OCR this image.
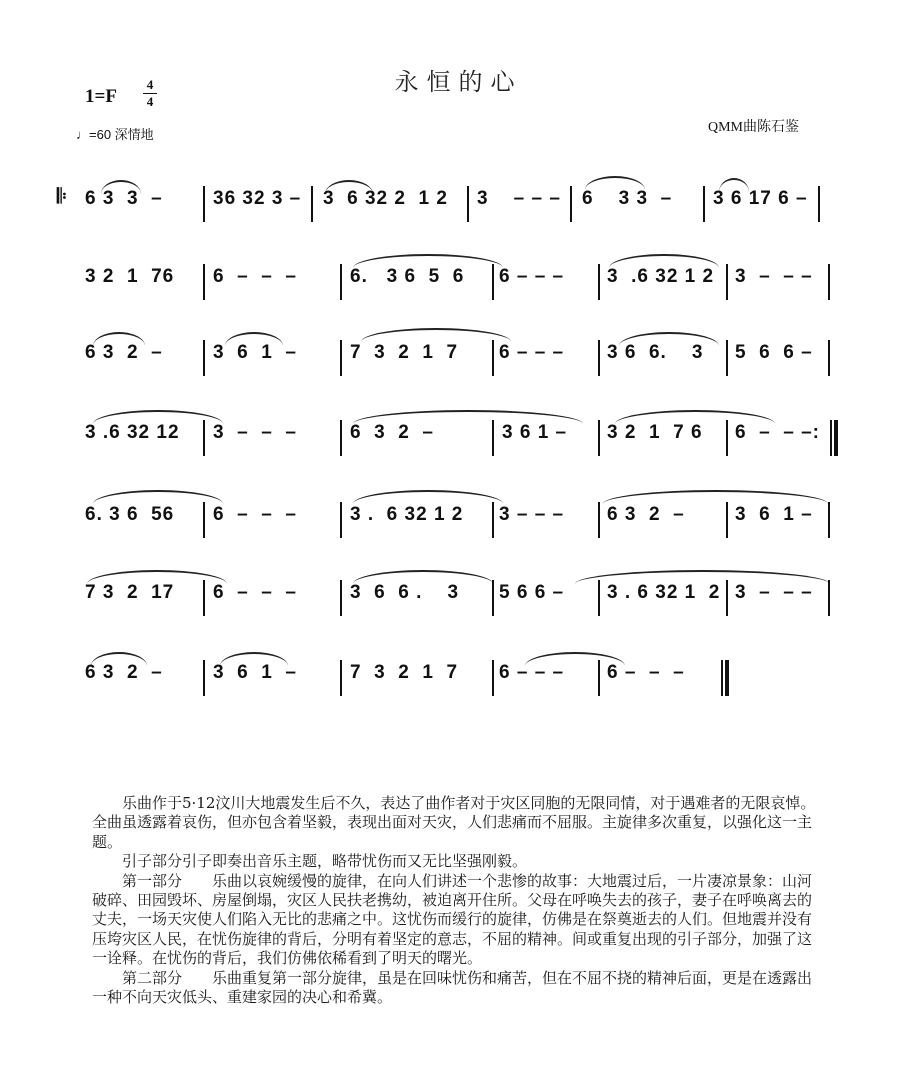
永恒的心
1=F
4
4
♩=60 深情地	QMM曲陈石鉴
𝄆 6 3  3  –	36 32 3 – 3  6 32 2  1 2 3    – – – 6    3 3  – 3 6 17 6 –
3 2  1  76 6  –  –  –	6.   3 6  5  6 6 – – – 3  .6 32 1 2 3  –  – –
6 3  2  –	3  6  1  –	7  3  2  1  7 6 – – – 3 6  6.    3 5  6  6 –
3 .6 32 12 3  –  –  –	6  3  2  –	3 6 1 – 3 2  1  7 6 6  –  – –:
6. 3 6  56 6  –  –  –	3 .  6 32 1 2 3 – – – 6 3  2  –	3  6  1 –
7 3  2  17 6  –  –  –	3  6  6 .    3 5 6 6 – 3 . 6 32 1  2 3  –  – –
6 3  2  –	3  6  1  –	7  3  2  1  7 6 – – – 6 –  –  –

乐曲作于5·12汶川大地震发生后不久，表达了曲作者对于灾区同胞的无限同情，对于遇难者的无限哀悼。全曲虽透露着哀伤，但亦包含着坚毅，表现出面对天灾，人们悲痛而不屈服。主旋律多次重复，以强化这一主题。

引子部分引子即奏出音乐主题，略带忧伤而又无比坚强刚毅。

第一部分　　乐曲以哀婉缓慢的旋律，在向人们讲述一个悲惨的故事：大地震过后，一片凄凉景象：山河破碎、田园毁坏、房屋倒塌，灾区人民扶老携幼，被迫离开住所。父母在呼唤失去的孩子，妻子在呼唤离去的丈夫，一场天灾使人们陷入无比的悲痛之中。这忧伤而缓行的旋律，仿佛是在祭奠逝去的人们。但地震并没有压垮灾区人民，在忧伤旋律的背后，分明有着坚定的意志，不屈的精神。间或重复出现的引子部分，加强了这一诠释。在忧伤的背后，我们仿佛依稀看到了明天的曙光。

第二部分　　乐曲重复第一部分旋律，虽是在回味忧伤和痛苦，但在不屈不挠的精神后面，更是在透露出一种不向天灾低头、重建家园的决心和希冀。
